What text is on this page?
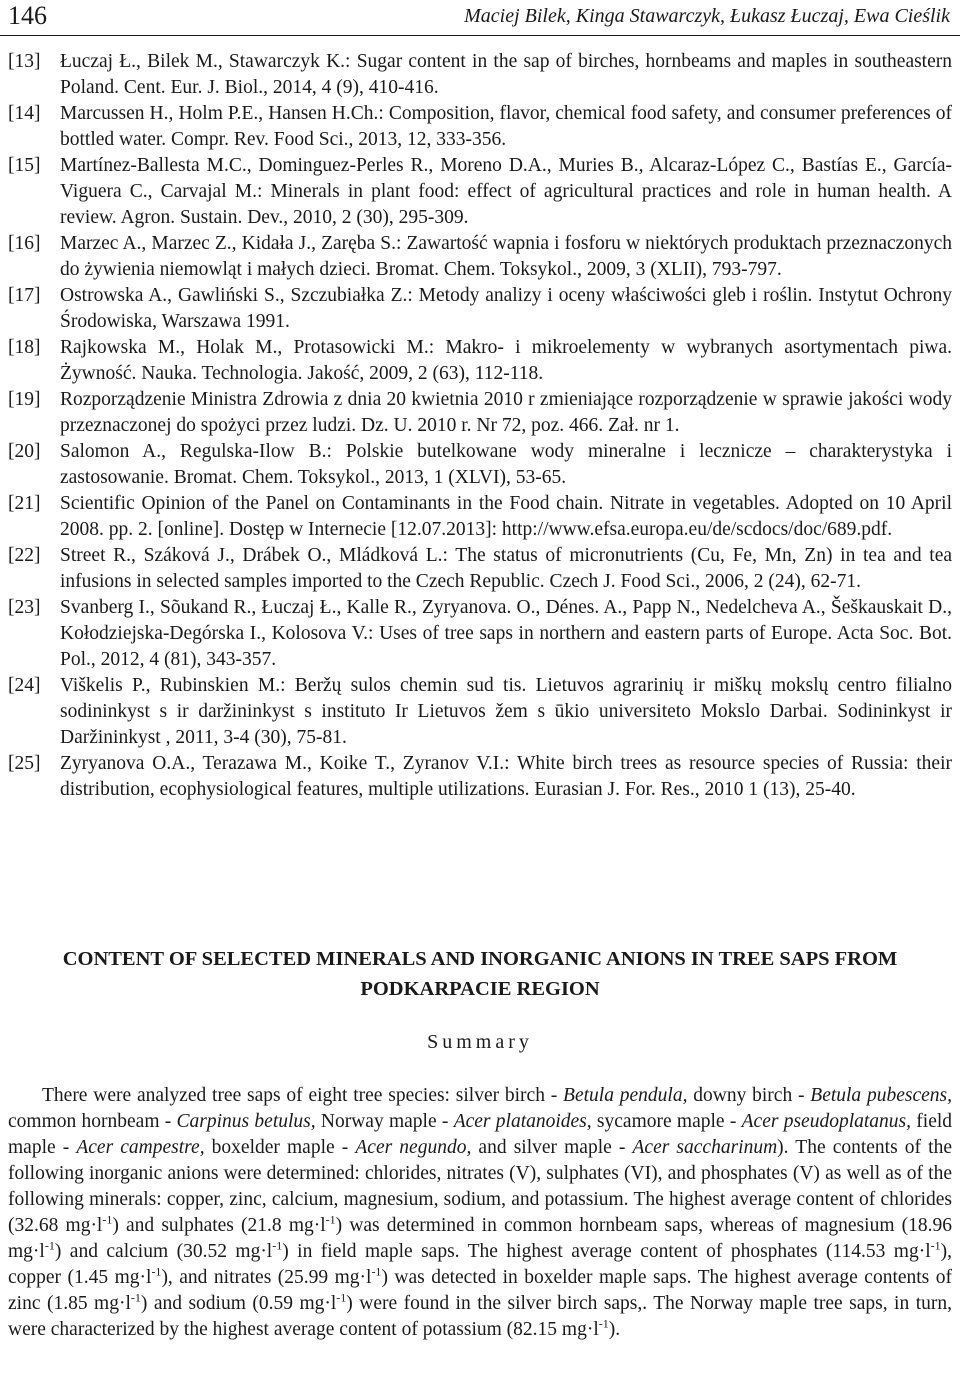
146	Maciej Bilek, Kinga Stawarczyk, Łukasz Łuczaj, Ewa Cieślik
[13] Łuczaj Ł., Bilek M., Stawarczyk K.: Sugar content in the sap of birches, hornbeams and maples in southeastern Poland. Cent. Eur. J. Biol., 2014, 4 (9), 410-416.
[14] Marcussen H., Holm P.E., Hansen H.Ch.: Composition, flavor, chemical food safety, and consumer preferences of bottled water. Compr. Rev. Food Sci., 2013, 12, 333-356.
[15] Martínez-Ballesta M.C., Dominguez-Perles R., Moreno D.A., Muries B., Alcaraz-López C., Bastías E., García-Viguera C., Carvajal M.: Minerals in plant food: effect of agricultural practices and role in human health. A review. Agron. Sustain. Dev., 2010, 2 (30), 295-309.
[16] Marzec A., Marzec Z., Kidała J., Zaręba S.: Zawartość wapnia i fosforu w niektórych produktach przeznaczonych do żywienia niemowląt i małych dzieci. Bromat. Chem. Toksykol., 2009, 3 (XLII), 793-797.
[17] Ostrowska A., Gawliński S., Szczubiałka Z.: Metody analizy i oceny właściwości gleb i roślin. Instytut Ochrony Środowiska, Warszawa 1991.
[18] Rajkowska M., Holak M., Protasowicki M.: Makro- i mikroelementy w wybranych asortymentach piwa. Żywność. Nauka. Technologia. Jakość, 2009, 2 (63), 112-118.
[19] Rozporządzenie Ministra Zdrowia z dnia 20 kwietnia 2010 r zmieniające rozporządzenie w sprawie jakości wody przeznaczonej do spożyci przez ludzi. Dz. U. 2010 r. Nr 72, poz. 466. Zał. nr 1.
[20] Salomon A., Regulska-Ilow B.: Polskie butelkowane wody mineralne i lecznicze – charakterystyka i zastosowanie. Bromat. Chem. Toksykol., 2013, 1 (XLVI), 53-65.
[21] Scientific Opinion of the Panel on Contaminants in the Food chain. Nitrate in vegetables. Adopted on 10 April 2008. pp. 2. [online]. Dostęp w Internecie [12.07.2013]: http://www.efsa.europa.eu/de/scdocs/doc/689.pdf.
[22] Street R., Száková J., Drábek O., Mládková L.: The status of micronutrients (Cu, Fe, Mn, Zn) in tea and tea infusions in selected samples imported to the Czech Republic. Czech J. Food Sci., 2006, 2 (24), 62-71.
[23] Svanberg I., Sõukand R., Łuczaj Ł., Kalle R., Zyryanova. O., Dénes. A., Papp N., Nedelcheva A., Šeškauskait D., Kołodziejska-Degórska I., Kolosova V.: Uses of tree saps in northern and eastern parts of Europe. Acta Soc. Bot. Pol., 2012, 4 (81), 343-357.
[24] Viškelis P., Rubinskien M.: Beržų sulos chemin sud tis. Lietuvos agrarinių ir miškų mokslų centro filialno sodininkyst s ir daržininkyst s instituto Ir Lietuvos žem s ūkio universiteto Mokslo Darbai. Sodininkyst ir Daržininkyst , 2011, 3-4 (30), 75-81.
[25] Zyryanova O.A., Terazawa M., Koike T., Zyranov V.I.: White birch trees as resource species of Russia: their distribution, ecophysiological features, multiple utilizations. Eurasian J. For. Res., 2010 1 (13), 25-40.
CONTENT OF SELECTED MINERALS AND INORGANIC ANIONS IN TREE SAPS FROM PODKARPACIE REGION
Summary

There were analyzed tree saps of eight tree species: silver birch - Betula pendula, downy birch - Betula pubescens, common hornbeam - Carpinus betulus, Norway maple - Acer platanoides, sycamore maple - Acer pseudoplatanus, field maple - Acer campestre, boxelder maple - Acer negundo, and silver maple - Acer saccharinum). The contents of the following inorganic anions were determined: chlorides, nitrates (V), sulphates (VI), and phosphates (V) as well as of the following minerals: copper, zinc, calcium, magnesium, sodium, and potassium. The highest average content of chlorides (32.68 $mg\cdot l^{-1}$) and sulphates (21.8 $mg\cdot l^{-1}$) was determined in common hornbeam saps, whereas of magnesium (18.96 $mg\cdot l^{-1}$) and calcium (30.52 $mg\cdot l^{-1}$) in field maple saps. The highest average content of phosphates (114.53 $mg\cdot l^{-1}$), copper (1.45 $mg\cdot l^{-1}$), and nitrates (25.99 $mg\cdot l^{-1}$) was detected in boxelder maple saps. The highest average contents of zinc (1.85 $mg\cdot l^{-1}$) and sodium (0.59 $mg\cdot l^{-1}$) were found in the silver birch saps,. The Norway maple tree saps, in turn, were characterized by the highest average content of potassium (82.15 $mg\cdot l^{-1}$).
